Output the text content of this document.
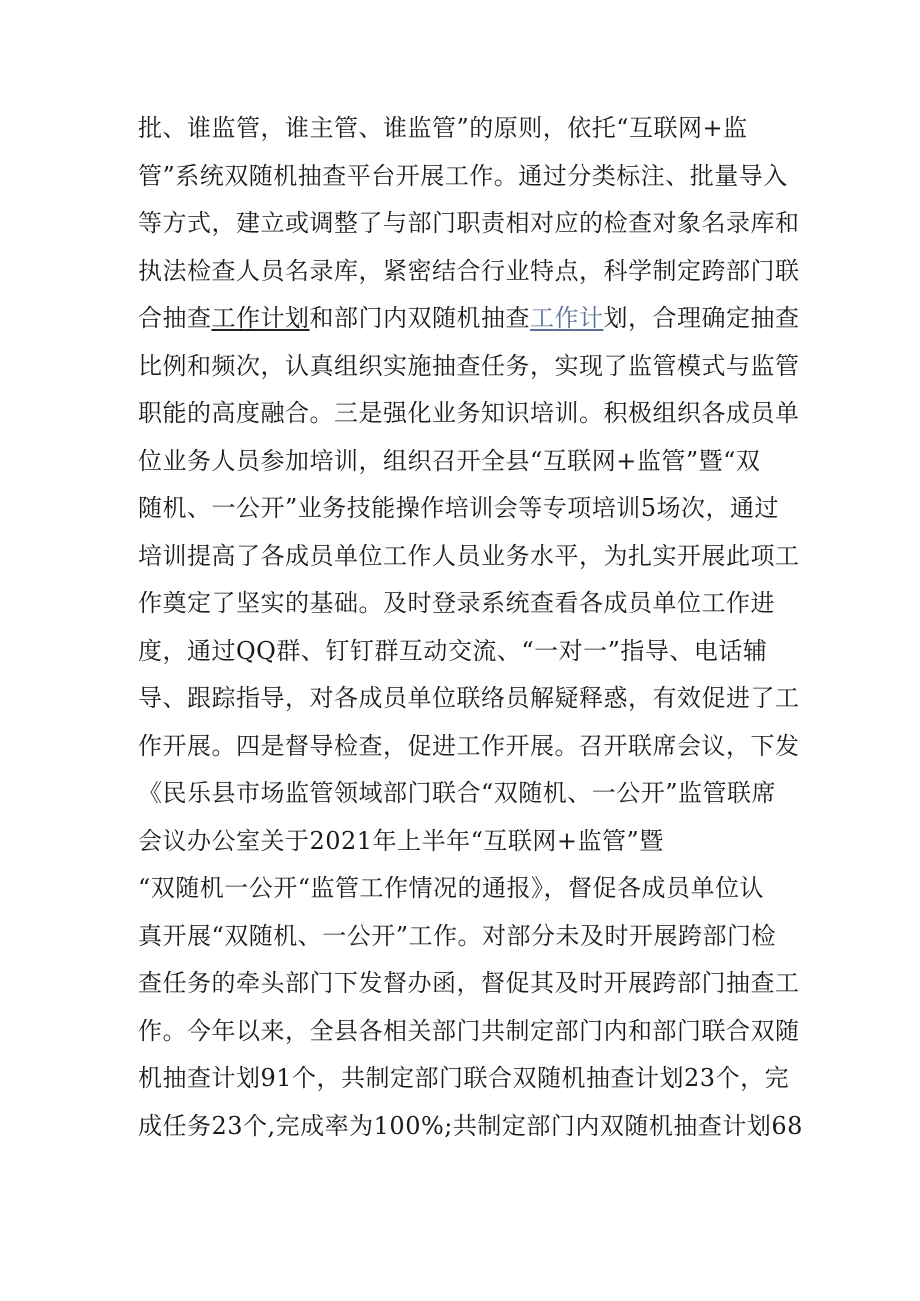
批、谁监管，谁主管、谁监管”的原则，依托“互联网+监
管”系统双随机抽查平台开展工作。通过分类标注、批量导入
等方式，建立或调整了与部门职责相对应的检查对象名录库和
执法检查人员名录库，紧密结合行业特点，科学制定跨部门联
合抽查工作计划和部门内双随机抽查工作计划，合理确定抽查
比例和频次，认真组织实施抽查任务，实现了监管模式与监管
职能的高度融合。三是强化业务知识培训。积极组织各成员单
位业务人员参加培训，组织召开全县“互联网+监管”暨“双
随机、一公开”业务技能操作培训会等专项培训5场次，通过
培训提高了各成员单位工作人员业务水平，为扎实开展此项工
作奠定了坚实的基础。及时登录系统查看各成员单位工作进
度，通过QQ群、钉钉群互动交流、“一对一”指导、电话辅
导、跟踪指导，对各成员单位联络员解疑释惑，有效促进了工
作开展。四是督导检查，促进工作开展。召开联席会议，下发
《民乐县市场监管领域部门联合“双随机、一公开”监管联席
会议办公室关于2021年上半年“互联网+监管”暨
“双随机一公开“监管工作情况的通报》，督促各成员单位认
真开展“双随机、一公开”工作。对部分未及时开展跨部门检
查任务的牵头部门下发督办函，督促其及时开展跨部门抽查工
作。今年以来，全县各相关部门共制定部门内和部门联合双随
机抽查计划91个，共制定部门联合双随机抽查计划23个，完
成任务23个,完成率为100%;共制定部门内双随机抽查计划68
